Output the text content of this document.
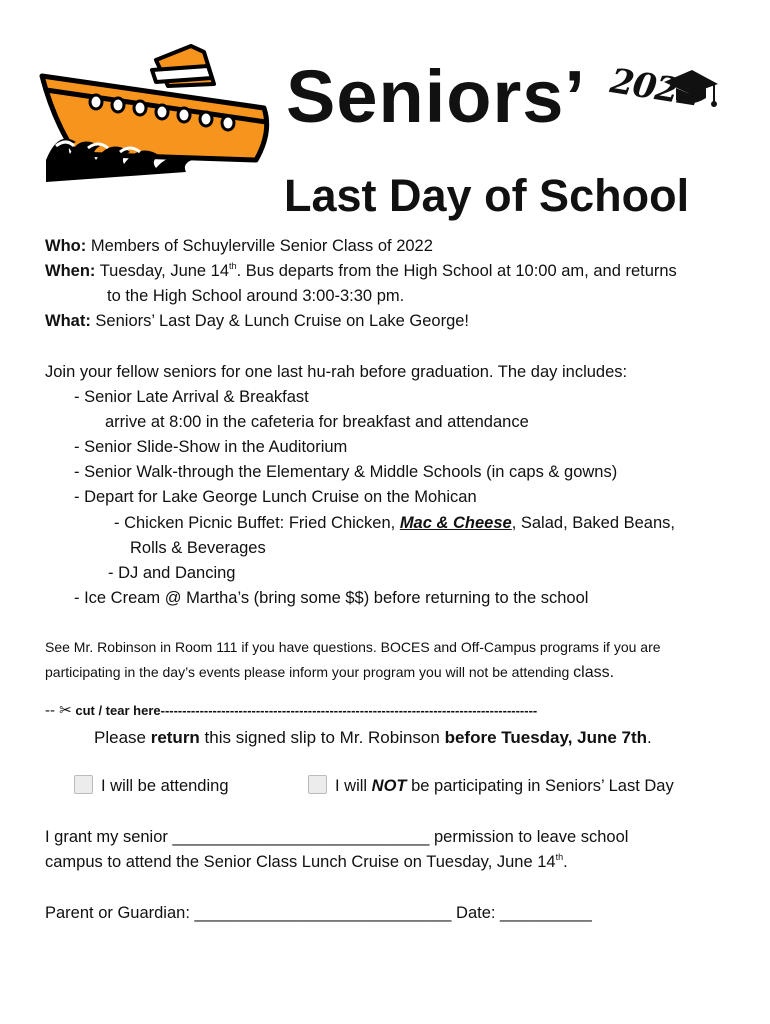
Seniors’ 2022
Last Day of School
Who: Members of Schuylerville Senior Class of 2022
When: Tuesday, June 14th. Bus departs from the High School at 10:00 am, and returns
to the High School around 3:00-3:30 pm.
What: Seniors’ Last Day & Lunch Cruise on Lake George!
Join your fellow seniors for one last hu-rah before graduation. The day includes:
- Senior Late Arrival & Breakfast
arrive at 8:00 in the cafeteria for breakfast and attendance
- Senior Slide-Show in the Auditorium
- Senior Walk-through the Elementary & Middle Schools (in caps & gowns)
- Depart for Lake George Lunch Cruise on the Mohican
- Chicken Picnic Buffet: Fried Chicken, Mac & Cheese, Salad, Baked Beans,
Rolls & Beverages
- DJ and Dancing
- Ice Cream @ Martha’s (bring some $$) before returning to the school
See Mr. Robinson in Room 111 if you have questions. BOCES and Off-Campus programs if you are
participating in the day’s events please inform your program you will not be attending class.
-- ✂ cut / tear here---------------------------------------------------------------------------------------
Please return this signed slip to Mr. Robinson before Tuesday, June 7th.
I will be attending	I will NOT be participating in Seniors’ Last Day
I grant my senior ____________________________ permission to leave school
campus to attend the Senior Class Lunch Cruise on Tuesday, June 14th.
Parent or Guardian: ____________________________ Date: __________
